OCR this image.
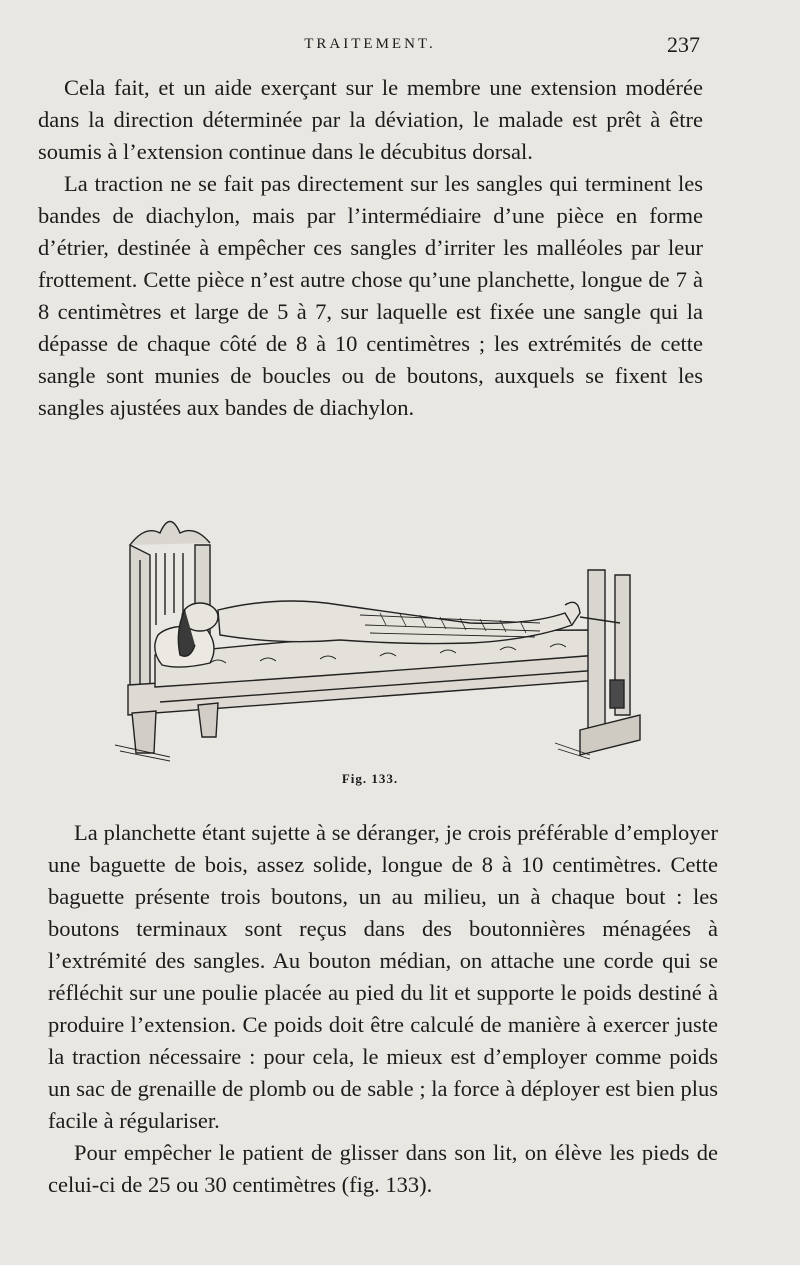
TRAITEMENT.	237

Cela fait, et un aide exerçant sur le membre une extension modérée dans la direction déterminée par la déviation, le malade est prêt à être soumis à l’extension continue dans le décubitus dorsal.

La traction ne se fait pas directement sur les sangles qui terminent les bandes de diachylon, mais par l’intermédiaire d’une pièce en forme d’étrier, destinée à empêcher ces sangles d’irriter les malléoles par leur frottement. Cette pièce n’est autre chose qu’une planchette, longue de 7 à 8 centimètres et large de 5 à 7, sur laquelle est fixée une sangle qui la dépasse de chaque côté de 8 à 10 centimètres ; les extrémités de cette sangle sont munies de boucles ou de boutons, auxquels se fixent les sangles ajustées aux bandes de diachylon.

Fig. 133.

La planchette étant sujette à se déranger, je crois préférable d’employer une baguette de bois, assez solide, longue de 8 à 10 centimètres. Cette baguette présente trois boutons, un au milieu, un à chaque bout : les boutons terminaux sont reçus dans des boutonnières ménagées à l’extrémité des sangles. Au bouton médian, on attache une corde qui se réfléchit sur une poulie placée au pied du lit et supporte le poids destiné à produire l’extension. Ce poids doit être calculé de manière à exercer juste la traction nécessaire : pour cela, le mieux est d’employer comme poids un sac de grenaille de plomb ou de sable ; la force à déployer est bien plus facile à régulariser.

Pour empêcher le patient de glisser dans son lit, on élève les pieds de celui-ci de 25 ou 30 centimètres (fig. 133).
